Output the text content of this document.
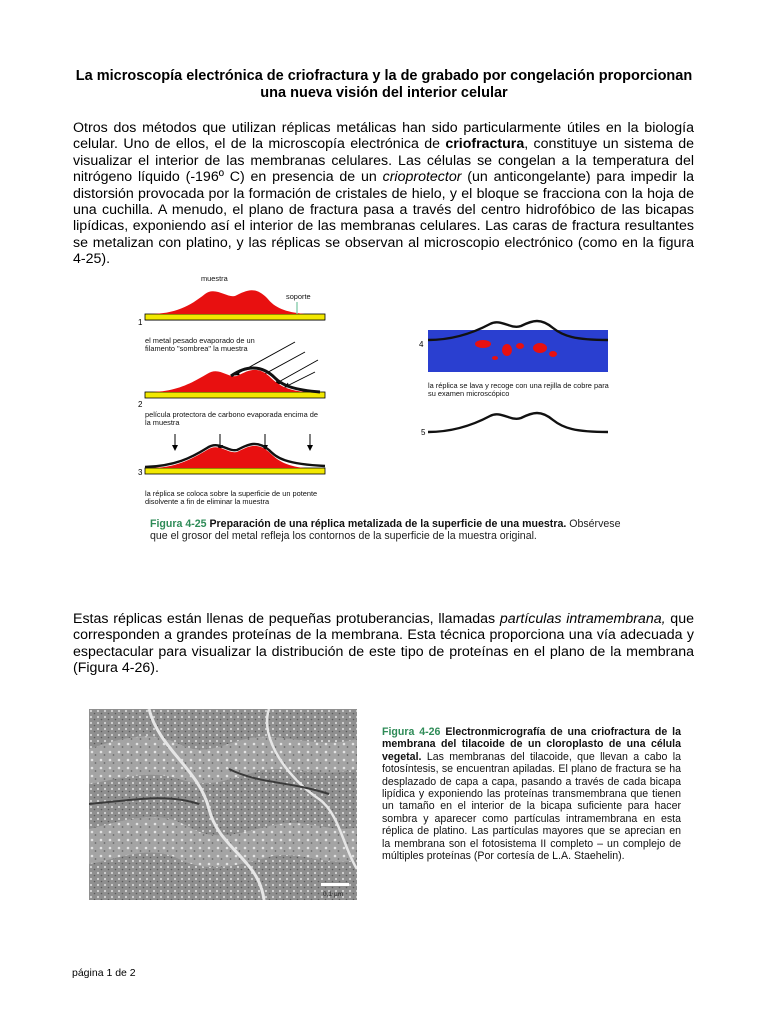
La microscopía electrónica de criofractura y la de grabado por congelación proporcionan una nueva visión del interior celular

Otros dos métodos que utilizan réplicas metálicas han sido particularmente útiles en la biología celular. Uno de ellos, el de la microscopía electrónica de criofractura, constituye un sistema de visualizar el interior de las membranas celulares. Las células se congelan a la temperatura del nitrógeno líquido (-196º C) en presencia de un crioprotector (un anticongelante) para impedir la distorsión provocada por la formación de cristales de hielo, y el bloque se fracciona con la hoja de una cuchilla. A menudo, el plano de fractura pasa a través del centro hidrofóbico de las bicapas lipídicas, exponiendo así el interior de las membranas celulares. Las caras de fractura resultantes se metalizan con platino, y las réplicas se observan al microscopio electrónico (como en la figura 4-25).

1
2
3
4
5
muestra
soporte
el metal pesado evaporado de un filamento "sombrea" la muestra
película protectora de carbono evaporada encima de la muestra
la réplica se coloca sobre la superficie de un potente disolvente a fin de eliminar la muestra
la réplica se lava y recoge con una rejilla de cobre para su examen microscópico

Figura 4-25 Preparación de una réplica metalizada de la superficie de una muestra. Obsérvese que el grosor del metal refleja los contornos de la superficie de la muestra original.

Estas réplicas están llenas de pequeñas protuberancias, llamadas partículas intramembrana, que corresponden a grandes proteínas de la membrana. Esta técnica proporciona una vía adecuada y espectacular para visualizar la distribución de este tipo de proteínas en el plano de la membrana (Figura 4-26).

0,1 µm

Figura 4-26 Electronmicrografía de una criofractura de la membrana del tilacoide de un cloroplasto de una célula vegetal. Las membranas del tilacoide, que llevan a cabo la fotosíntesis, se encuentran apiladas. El plano de fractura se ha desplazado de capa a capa, pasando a través de cada bicapa lipídica y exponiendo las proteínas transmembrana que tienen un tamaño en el interior de la bicapa suficiente para hacer sombra y aparecer como partículas intramembrana en esta réplica de platino. Las partículas mayores que se aprecian en la membrana son el fotosistema II completo – un complejo de múltiples proteínas (Por cortesía de L.A. Staehelin).

página 1 de 2
